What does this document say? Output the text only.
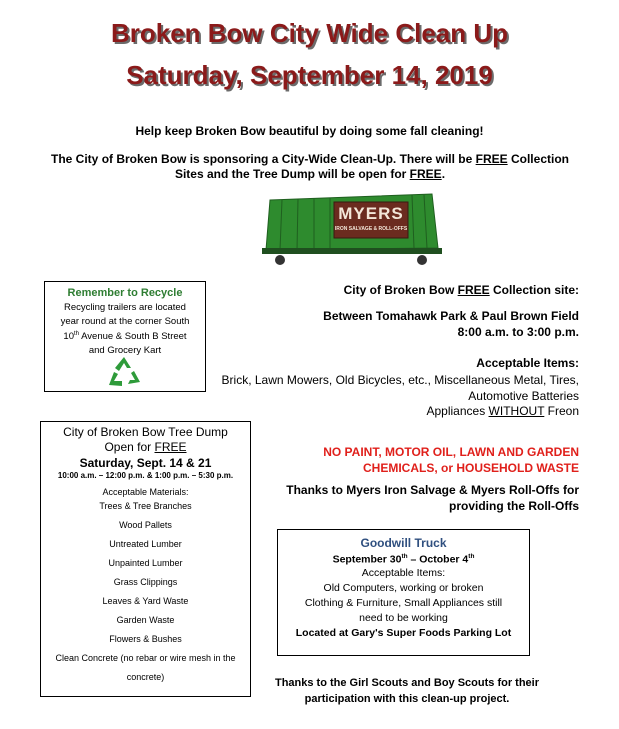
Broken Bow City Wide Clean Up
Saturday, September 14, 2019
Help keep Broken Bow beautiful by doing some fall cleaning!
The City of Broken Bow is sponsoring a City-Wide Clean-Up. There will be FREE Collection
Sites and the Tree Dump will be open for FREE.
MYERS
IRON SALVAGE & ROLL-OFFS
Remember to Recycle
Recycling trailers are located
year round at the corner South
10th Avenue & South B Street
and Grocery Kart
City of Broken Bow FREE Collection site:
Between Tomahawk Park & Paul Brown Field
8:00 a.m. to 3:00 p.m.
Acceptable Items:
Brick, Lawn Mowers, Old Bicycles, etc., Miscellaneous Metal, Tires,
Automotive Batteries
Appliances WITHOUT Freon
NO PAINT, MOTOR OIL, LAWN AND GARDEN
CHEMICALS, or HOUSEHOLD WASTE
Thanks to Myers Iron Salvage & Myers Roll-Offs for
providing the Roll-Offs
City of Broken Bow Tree Dump
Open for FREE
Saturday, Sept. 14 & 21
10:00 a.m. – 12:00 p.m. & 1:00 p.m. – 5:30 p.m.
Acceptable Materials:
Trees & Tree Branches
Wood Pallets
Untreated Lumber
Unpainted Lumber
Grass Clippings
Leaves & Yard Waste
Garden Waste
Flowers & Bushes
Clean Concrete (no rebar or wire mesh in the
concrete)
Goodwill Truck
September 30th – October 4th
Acceptable Items:
Old Computers, working or broken
Clothing & Furniture, Small Appliances still
need to be working
Located at Gary's Super Foods Parking Lot
Thanks to the Girl Scouts and Boy Scouts for their
participation with this clean-up project.
